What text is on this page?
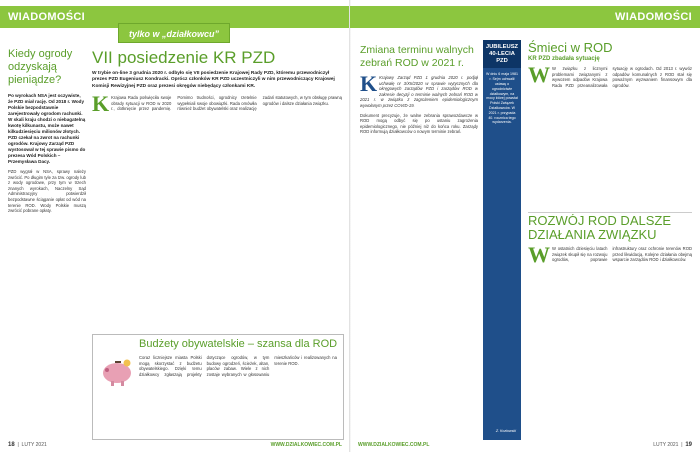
WIADOMOŚCI
tylko w „działkowcu”
Kiedy ogrody odzyskają pieniądze?

Po wyrokach NSA jest oczywiste, że PZD miał rację. Od 2018 r. Wody Polskie bezpodstawnie zarejestrowały ogrodom rachunki. W skali kraju chodzi o niebagatelną kwotę kilkunastu, może nawet kilkudziesięciu milionów złotych. PZD czekał na zwrot na rachunki ogrodów. Krajowy Zarząd PZD wystosował w tej sprawie pismo do prezesa Wód Polskich – Przemysława Dacy.

PZD wygrał w NSA, sprawy należy zwrócić. Po długim tyle za tzw. ogrody lub z wody ogrodowe, przy tym w trzech znanych wyrokach, Naczelny Sąd Administracyjny potwierdził bezpodstawne ściąganie opłat od wód na terenie ROD. Wody Polskie muszą zwrócić pobrane opłaty.

VII posiedzenie KR PZD

W trybie on-line 3 grudnia 2020 r. odbyło się VII posiedzenie Krajowej Rady PZD, któremu przewodniczył prezes PZD Eugeniusz Kondracki. Oprócz członków KR PZD uczestniczyli w nim przewodniczący Krajowej Komisji Rewizyjnej PZD oraz prezesi okręgów niebędący członkami KR.

K Krajowa Rada poświęciła swoje obrady sytuacji w ROD w 2020 r., dotknięcie przez pandemię. Pomimo trudności, ogrodnicy rzetelnie wypełniali swoje obowiązki. Rada omówiła również budżet obywatelski oraz realizację zadań statutowych, w tym obsługę prawną ogrodów i dalsze działania związku.

Budżety obywatelskie – szansa dla ROD

Coraz liczniejsze miasta Polski mogą skorzystać z budżetu obywatelskiego. Dzięki temu działkowcy zgłaszają projekty dotyczące ogrodów, w tym budowy ogrodzeń, ścieżek, altan, placów zabaw. Wiele z nich zostaje wybranych w głosowaniu mieszkańców i realizowanych na terenie ROD.

18  |  LUTY 2021	WWW.DZIALKOWIEC.COM.PL
WIADOMOŚCI
Zmiana terminu walnych zebrań ROD w 2021 r.
K Krajowy Zarząd PZD 1 grudnia 2020 r. podjął uchwałę nr 3/XII/2020 w sprawie wytycznych dla okręgowych zarządów PZD i zarządów ROD w zakresie decyzji o terminie walnych zebrań ROD w 2021 r. w związku z zagrożeniem epidemiologicznym wywołanym przez COVID-19.

Dokument precyzuje, że walne zebrania sprawozdawcze w ROD mogą odbyć się po ustaniu zagrożenia epidemiologicznego, nie później niż do końca roku. Zarządy ROD informują działkowców o nowym terminie zebrań.

JUBILEUSZ 40-LECIA PZD
W dniu 6 maja 1981 r. Sejm uchwalił ustawę o ogrodnictwie działkowym, na mocy której powstał Polski Związek Działkowców. W 2021 r. przypada 40. rocznica tego wydarzenia.
Z. Kozłowski
Śmieci w ROD

KR PZD zbadała sytuację

W W związku z licznymi problemami związanymi z wywozem odpadów Krajowa Rada PZD przeanalizowała sytuację w ogrodach. Od 2013 r. wywóz odpadów komunalnych z ROD stał się poważnym wyzwaniem finansowym dla ogrodów.

ROZWÓJ ROD DALSZE DZIAŁANIA ZWIĄZKU
W W ostatnich dziesięciu latach związek skupił się na rozwoju ogrodów, poprawie infrastruktury oraz ochronie terenów ROD przed likwidacją. Kolejne działania obejmą wsparcie zarządów ROD i działkowców.

WWW.DZIALKOWIEC.COM.PL	LUTY 2021  |  19
